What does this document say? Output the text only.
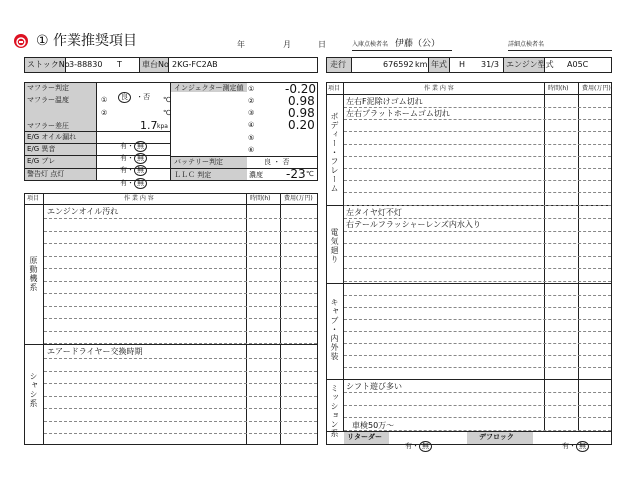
① 作業推奨項目	年	月	日	入庫点検者名 伊藤（公）	詳細点検者名
ストックNo 3-88830 T	車台No 2KG-FC2AB	走行	676592 km 年式 H 31/3 エンジン型式 A05C
マフラー判定
良 ・否
マフラー温度	①	℃
②	℃
マフラー差圧	1.7 kpa
E/G オイル漏れ
有・ 無
E/G 異音
有・ 無
E/G ブレ
有・ 無
警告灯 点灯
有・ 無
インジェクター測定値 ①	-0.20
②	0.98
③	0.98
④	0.20
⑤
⑥
バッテリー判定	良 ・ 否
ＬＬＣ 判定	濃度 -23 ℃
項目	作 業 内 容	時間(h) 費用(万円)
原動機系
エンジンオイル汚れ
シャシ系
エアードライヤー交換時期
項目	作 業 内 容	時間(h) 費用(万円)
ボディー・フレーム
左右F泥除けゴム切れ
左右プラットホームゴム切れ
電気廻り
左タイヤ灯不灯
右テールフラッシャーレンズ内水入り
キャブ・内外装
ミッション系 シフト遊び多い
車検50万～
リターダー
有・ 無
デフロック
有・ 無
